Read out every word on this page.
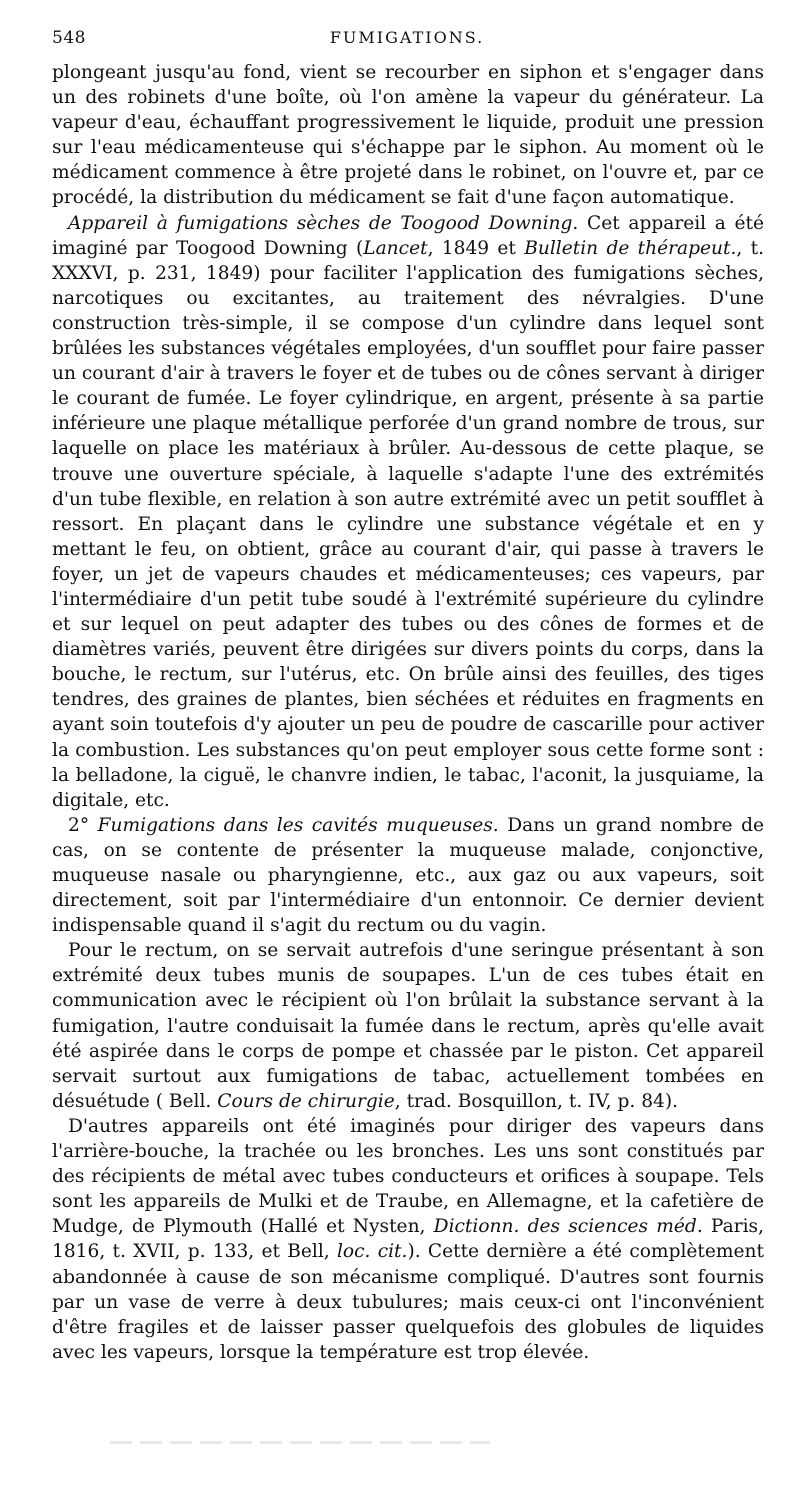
548	FUMIGATIONS.

plongeant jusqu'au fond, vient se recourber en siphon et s'engager dans un des robinets d'une boîte, où l'on amène la vapeur du générateur. La vapeur d'eau, échauffant progressivement le liquide, produit une pression sur l'eau médicamenteuse qui s'échappe par le siphon. Au moment où le médicament commence à être projeté dans le robinet, on l'ouvre et, par ce procédé, la distribution du médicament se fait d'une façon automatique.

Appareil à fumigations sèches de Toogood Downing. Cet appareil a été imaginé par Toogood Downing (Lancet, 1849 et Bulletin de thérapeut., t. XXXVI, p. 231, 1849) pour faciliter l'application des fumigations sèches, narcotiques ou excitantes, au traitement des névralgies. D'une construction très-simple, il se compose d'un cylindre dans lequel sont brûlées les substances végétales employées, d'un soufflet pour faire passer un courant d'air à travers le foyer et de tubes ou de cônes servant à diriger le courant de fumée. Le foyer cylindrique, en argent, présente à sa partie inférieure une plaque métallique perforée d'un grand nombre de trous, sur laquelle on place les matériaux à brûler. Au-dessous de cette plaque, se trouve une ouverture spéciale, à laquelle s'adapte l'une des extrémités d'un tube flexible, en relation à son autre extrémité avec un petit soufflet à ressort. En plaçant dans le cylindre une substance végétale et en y mettant le feu, on obtient, grâce au courant d'air, qui passe à travers le foyer, un jet de vapeurs chaudes et médicamenteuses; ces vapeurs, par l'intermédiaire d'un petit tube soudé à l'extrémité supérieure du cylindre et sur lequel on peut adapter des tubes ou des cônes de formes et de diamètres variés, peuvent être dirigées sur divers points du corps, dans la bouche, le rectum, sur l'utérus, etc. On brûle ainsi des feuilles, des tiges tendres, des graines de plantes, bien séchées et réduites en fragments en ayant soin toutefois d'y ajouter un peu de poudre de cascarille pour activer la combustion. Les substances qu'on peut employer sous cette forme sont : la belladone, la ciguë, le chanvre indien, le tabac, l'aconit, la jusquiame, la digitale, etc.

2° Fumigations dans les cavités muqueuses. Dans un grand nombre de cas, on se contente de présenter la muqueuse malade, conjonctive, muqueuse nasale ou pharyngienne, etc., aux gaz ou aux vapeurs, soit directement, soit par l'intermédiaire d'un entonnoir. Ce dernier devient indispensable quand il s'agit du rectum ou du vagin.

Pour le rectum, on se servait autrefois d'une seringue présentant à son extrémité deux tubes munis de soupapes. L'un de ces tubes était en communication avec le récipient où l'on brûlait la substance servant à la fumigation, l'autre conduisait la fumée dans le rectum, après qu'elle avait été aspirée dans le corps de pompe et chassée par le piston. Cet appareil servait surtout aux fumigations de tabac, actuellement tombées en désuétude ( Bell. Cours de chirurgie, trad. Bosquillon, t. IV, p. 84).

D'autres appareils ont été imaginés pour diriger des vapeurs dans l'arrière-bouche, la trachée ou les bronches. Les uns sont constitués par des récipients de métal avec tubes conducteurs et orifices à soupape. Tels sont les appareils de Mulki et de Traube, en Allemagne, et la cafetière de Mudge, de Plymouth (Hallé et Nysten, Dictionn. des sciences méd. Paris, 1816, t. XVII, p. 133, et Bell, loc. cit.). Cette dernière a été complètement abandonnée à cause de son mécanisme compliqué. D'autres sont fournis par un vase de verre à deux tubulures; mais ceux-ci ont l'inconvénient d'être fragiles et de laisser passer quelquefois des globules de liquides avec les vapeurs, lorsque la température est trop élevée.
